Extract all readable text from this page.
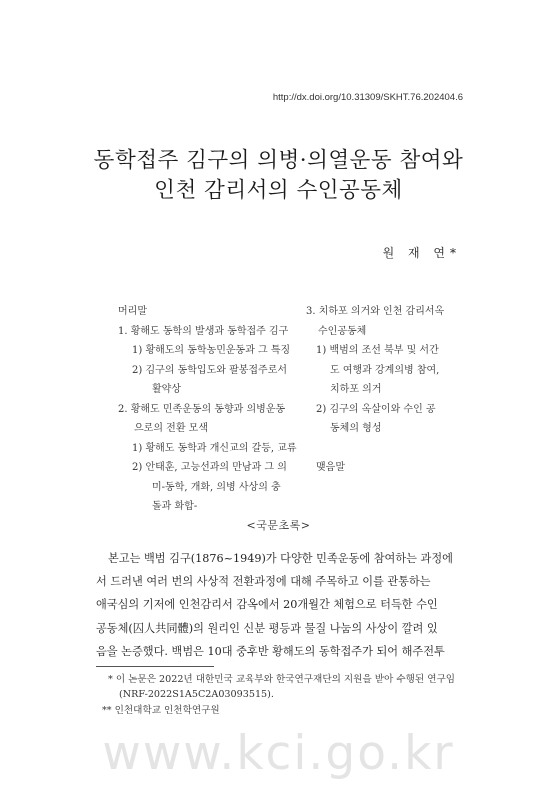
http://dx.doi.org/10.31309/SKHT.76.202404.6
동학접주 김구의 의병·의열운동 참여와
인천 감리서의 수인공동체
원 재 연*
머리말
1. 황해도 동학의 발생과 동학접주 김구
1) 황해도의 동학농민운동과 그 특징
2) 김구의 동학입도와 팔봉접주로서
활약상
2. 황해도 민족운동의 동향과 의병운동
으로의 전환 모색
1) 황해도 동학과 개신교의 갈등, 교류
2) 안태훈, 고능선과의 만남과 그 의
미-동학, 개화, 의병 사상의 충
돌과 화합-
3. 치하포 의거와 인천 감리서옥
수인공동체
1) 백범의 조선 북부 및 서간
도 여행과 강계의병 참여,
치하포 의거
2) 김구의 옥살이와 수인 공
동체의 형성
맺음말
<국문초록>
본고는 백범 김구(1876~1949)가 다양한 민족운동에 참여하는 과정에
서 드러낸 여러 번의 사상적 전환과정에 대해 주목하고 이를 관통하는
애국심의 기저에 인천감리서 감옥에서 20개월간 체험으로 터득한 수인
공동체(囚人共同體)의 원리인 신분 평등과 물질 나눔의 사상이 깔려 있
음을 논증했다. 백범은 10대 중후반 황해도의 동학접주가 되어 해주전투
* 이 논문은 2022년 대한민국 교육부와 한국연구재단의 지원을 받아 수행된 연구임
(NRF-2022S1A5C2A03093515).
** 인천대학교 인천학연구원
www.kci.go.kr
